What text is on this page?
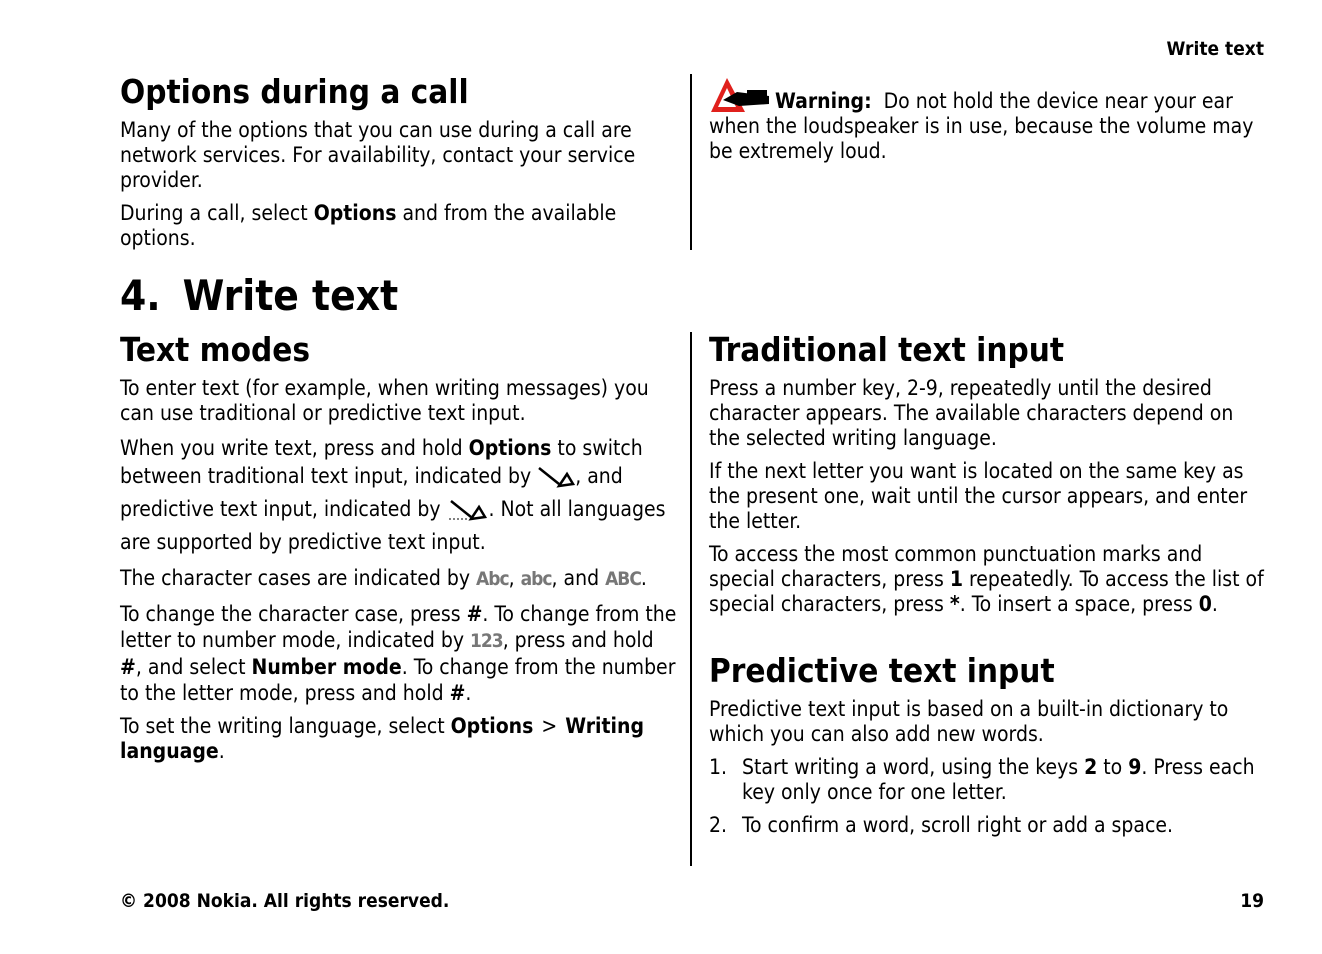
Write text
Options during a call

Many of the options that you can use during a call are network services. For availability, contact your service provider.

During a call, select Options and from the available options.

Warning: Do not hold the device near your ear
when the loudspeaker is in use, because the volume may be extremely loud.

4. Write text
Text modes

To enter text (for example, when writing messages) you can use traditional or predictive text input.

When you write text, press and hold Options to switch between traditional text input, indicated by , and predictive text input, indicated by . Not all languages are supported by predictive text input.

The character cases are indicated by Abc, abc, and ABC.

To change the character case, press #. To change from the letter to number mode, indicated by 123, press and hold #, and select Number mode. To change from the number to the letter mode, press and hold #.

To set the writing language, select Options > Writing language.

Traditional text input

Press a number key, 2-9, repeatedly until the desired character appears. The available characters depend on the selected writing language.

If the next letter you want is located on the same key as the present one, wait until the cursor appears, and enter the letter.

To access the most common punctuation marks and special characters, press 1 repeatedly. To access the list of special characters, press *. To insert a space, press 0.

Predictive text input

Predictive text input is based on a built-in dictionary to which you can also add new words.

1. Start writing a word, using the keys 2 to 9. Press each key only once for one letter.
2. To confirm a word, scroll right or add a space.
© 2008 Nokia. All rights reserved.	19
